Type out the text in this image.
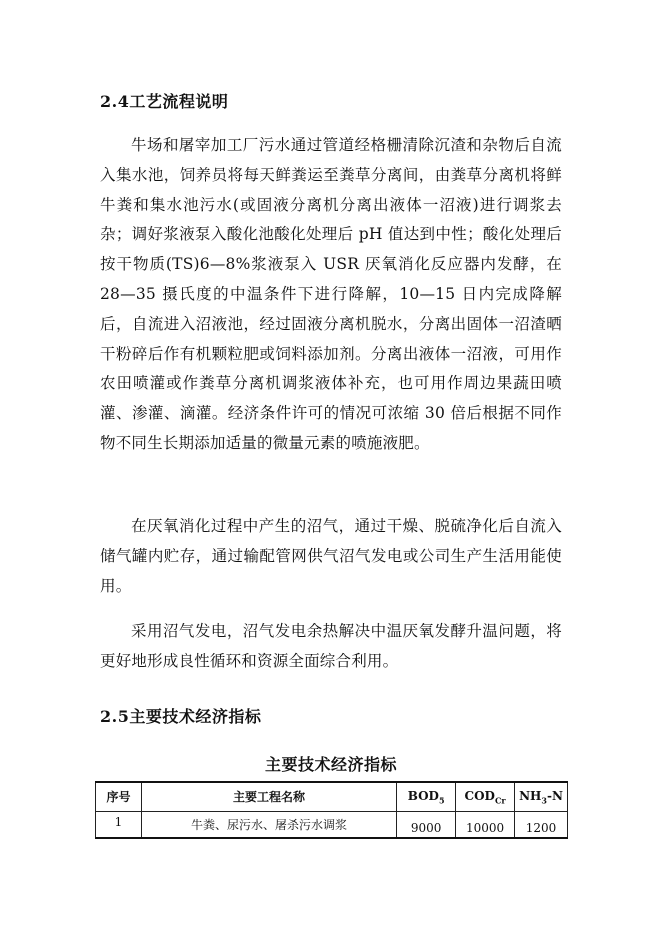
2.4工艺流程说明

牛场和屠宰加工厂污水通过管道经格栅清除沉渣和杂物后自流入集水池，饲养员将每天鲜粪运至粪草分离间，由粪草分离机将鲜牛粪和集水池污水(或固液分离机分离出液体一沼液)进行调浆去杂；调好浆液泵入酸化池酸化处理后 pH 值达到中性；酸化处理后按干物质(TS)6—8%浆液泵入 USR 厌氧消化反应器内发酵，在 28—35 摄氏度的中温条件下进行降解，10—15 日内完成降解后，自流进入沼液池，经过固液分离机脱水，分离出固体一沼渣晒干粉碎后作有机颗粒肥或饲料添加剂。分离出液体一沼液，可用作农田喷灌或作粪草分离机调浆液体补充，也可用作周边果蔬田喷灌、渗灌、滴灌。经济条件许可的情况可浓缩 30 倍后根据不同作物不同生长期添加适量的微量元素的喷施液肥。

在厌氧消化过程中产生的沼气，通过干燥、脱硫净化后自流入储气罐内贮存，通过输配管网供气沼气发电或公司生产生活用能使用。

采用沼气发电，沼气发电余热解决中温厌氧发酵升温问题，将更好地形成良性循环和资源全面综合利用。

2.5主要技术经济指标
主要技术经济指标
序号	主要工程名称	$BOD_5$	$COD_{Cr}$	$NH_3-N$
1	牛粪、尿污水、屠杀污水调浆	9000	10000	1200
